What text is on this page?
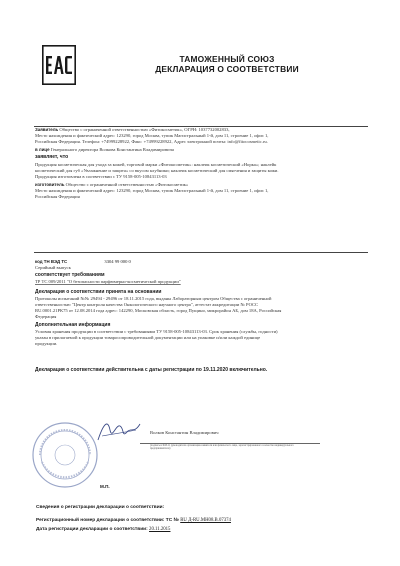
ТАМОЖЕННЫЙ СОЮЗ
ДЕКЛАРАЦИЯ О СООТВЕТСТВИИ
Заявитель Общество с ограниченной ответственностью «Фитокосметик», ОГРН: 1037732002833,
Место нахождения и фактический адрес: 123290, город Москва, тупик Магистральный 1-й, дом 11, строение 1, офис 1,
Российская Федерация. Телефон: +74999228922, Факс: +74999228922, Адрес электронной почты: info@fitocosmetic.ru.
в лице Генерального директора Волкова Константина Владимировича
заявляет, что
Продукция косметическая для ухода за кожей, торговой марки «Фитокосметик»: наклеик косметический «Норка»; наклейк
косметический для губ «Увлажнение и защита» со вкусом клубники; наклеик косметический для смягчения и защиты кожи.
Продукция изготовлена в соответствии с ТУ 9158-005-10843113-03
изготовитель Общество с ограниченной ответственностью «Фитокосметик»
Место нахождения и фактический адрес: 123290, город Москва, тупик Магистральный 1-й, дом 11, строение 1, офис 1,
Российская Федерация
код ТН ВЭД ТС	3304 99 000 0
Серийный выпуск
соответствует требованиям
ТР ТС 009/2011 "О безопасности парфюмерно-косметической продукции"
Декларация о соответствии принята на основании
Протоколы испытаний №№ 29494 - 29496 от 18.11.2015 года, выданы Лабораторным центром Общества с ограниченной
ответственностью "Центр контроля качества Онкологического научного центра", аттестат аккредитации № РОСС
RU.0001.21РК75 от 12.08.2014 года адрес: 142290, Московская область, город Пущино, микрорайон АБ, дом 18А, Российская
Федерация
Дополнительная информация
Условия хранения продукции в соответствии с требованиями ТУ 9158-005-10843113-03. Срок хранения (службы, годности)
указан в прилагаемой к продукции товаросопроводительной документации или на упаковке и/или каждой единице
продукции.
Декларация о соответствии действительна с даты регистрации по 19.11.2020 включительно.
Волков Константин Владимирович
(подпись и Ф.И.О. руководителя организации-заявителя или физического лица, зарегистрированного в качестве индивидуального
предпринимателя)
М.П.
Сведения о регистрации декларации о соответствии:
Регистрационный номер декларации о соответствии: ТС № RU Д-RU.МН08.В.07374
Дата регистрации декларации о соответствии: 20.11.2015
